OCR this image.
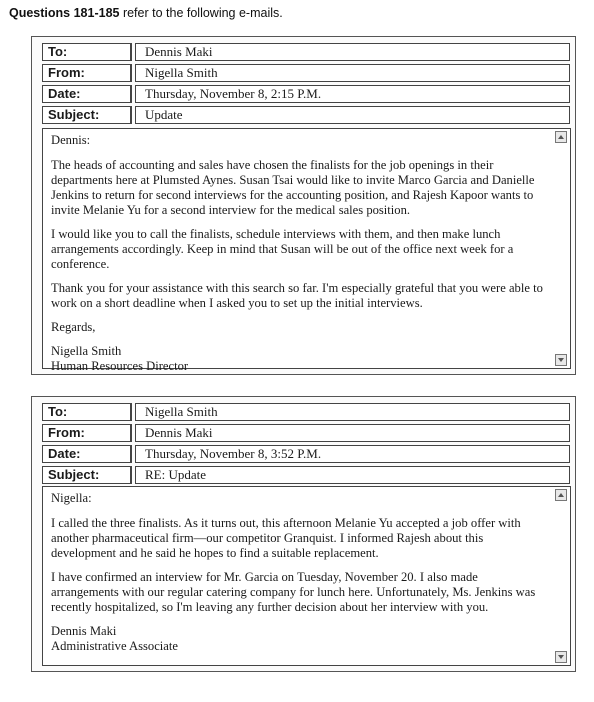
Questions 181-185 refer to the following e-mails.
To:	Dennis Maki
From:	Nigella Smith
Date:	Thursday, November 8, 2:15 P.M.
Subject:	Update

Dennis:

The heads of accounting and sales have chosen the finalists for the job openings in their departments here at Plumsted Aynes. Susan Tsai would like to invite Marco Garcia and Danielle Jenkins to return for second interviews for the accounting position, and Rajesh Kapoor wants to invite Melanie Yu for a second interview for the medical sales position.

I would like you to call the finalists, schedule interviews with them, and then make lunch arrangements accordingly. Keep in mind that Susan will be out of the office next week for a conference.

Thank you for your assistance with this search so far. I'm especially grateful that you were able to work on a short deadline when I asked you to set up the initial interviews.

Regards,

Nigella Smith
Human Resources Director
To:	Nigella Smith
From:	Dennis Maki
Date:	Thursday, November 8, 3:52 P.M.
Subject:	RE: Update

Nigella:

I called the three finalists. As it turns out, this afternoon Melanie Yu accepted a job offer with another pharmaceutical firm—our competitor Granquist. I informed Rajesh about this development and he said he hopes to find a suitable replacement.

I have confirmed an interview for Mr. Garcia on Tuesday, November 20. I also made arrangements with our regular catering company for lunch here. Unfortunately, Ms. Jenkins was recently hospitalized, so I'm leaving any further decision about her interview with you.

Dennis Maki
Administrative Associate
